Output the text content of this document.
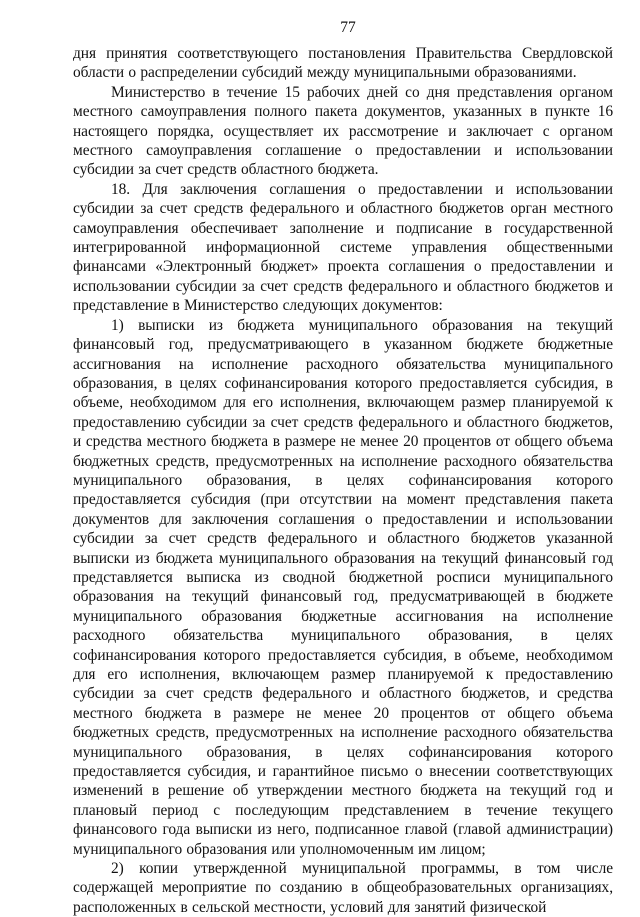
77

дня принятия соответствующего постановления Правительства Свердловской области о распределении субсидий между муниципальными образованиями.

Министерство в течение 15 рабочих дней со дня представления органом местного самоуправления полного пакета документов, указанных в пункте 16 настоящего порядка, осуществляет их рассмотрение и заключает с органом местного самоуправления соглашение о предоставлении и использовании субсидии за счет средств областного бюджета.

18. Для заключения соглашения о предоставлении и использовании субсидии за счет средств федерального и областного бюджетов орган местного самоуправления обеспечивает заполнение и подписание в государственной интегрированной информационной системе управления общественными финансами «Электронный бюджет» проекта соглашения о предоставлении и использовании субсидии за счет средств федерального и областного бюджетов и представление в Министерство следующих документов:

1) выписки из бюджета муниципального образования на текущий финансовый год, предусматривающего в указанном бюджете бюджетные ассигнования на исполнение расходного обязательства муниципального образования, в целях софинансирования которого предоставляется субсидия, в объеме, необходимом для его исполнения, включающем размер планируемой к предоставлению субсидии за счет средств федерального и областного бюджетов, и средства местного бюджета в размере не менее 20 процентов от общего объема бюджетных средств, предусмотренных на исполнение расходного обязательства муниципального образования, в целях софинансирования которого предоставляется субсидия (при отсутствии на момент представления пакета документов для заключения соглашения о предоставлении и использовании субсидии за счет средств федерального и областного бюджетов указанной выписки из бюджета муниципального образования на текущий финансовый год представляется выписка из сводной бюджетной росписи муниципального образования на текущий финансовый год, предусматривающей в бюджете муниципального образования бюджетные ассигнования на исполнение расходного обязательства муниципального образования, в целях софинансирования которого предоставляется субсидия, в объеме, необходимом для его исполнения, включающем размер планируемой к предоставлению субсидии за счет средств федерального и областного бюджетов, и средства местного бюджета в размере не менее 20 процентов от общего объема бюджетных средств, предусмотренных на исполнение расходного обязательства муниципального образования, в целях софинансирования которого предоставляется субсидия, и гарантийное письмо о внесении соответствующих изменений в решение об утверждении местного бюджета на текущий год и плановый период с последующим представлением в течение текущего финансового года выписки из него, подписанное главой (главой администрации) муниципального образования или уполномоченным им лицом;

2) копии утвержденной муниципальной программы, в том числе содержащей мероприятие по созданию в общеобразовательных организациях, расположенных в сельской местности, условий для занятий физической
